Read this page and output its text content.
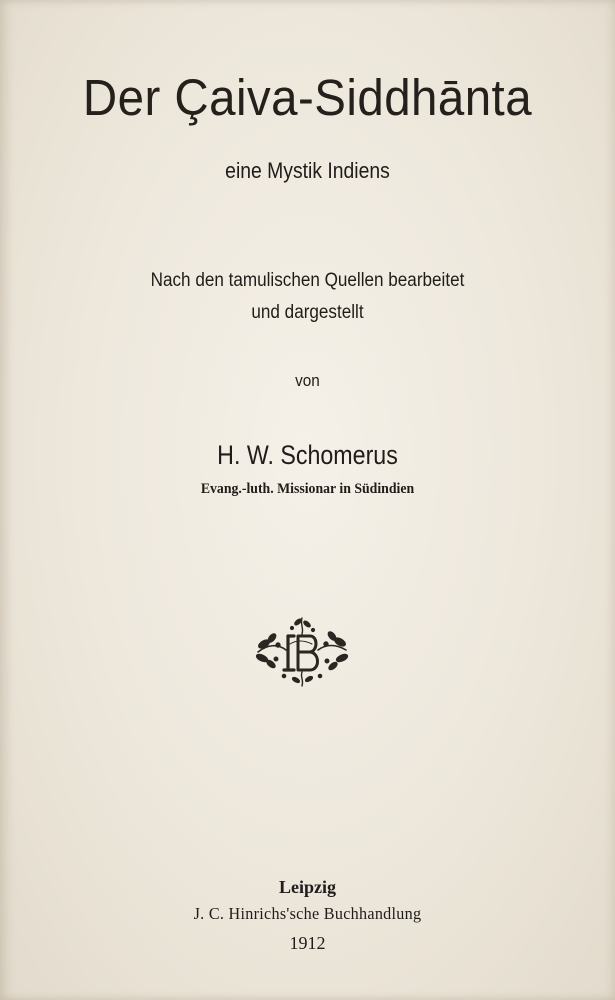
Der Çaiva-Siddhānta
eine Mystik Indiens
Nach den tamulischen Quellen bearbeitet
und dargestellt
von
H. W. Schomerus
Evang.-luth. Missionar in Südindien
Leipzig
J. C. Hinrichs'sche Buchhandlung
1912
